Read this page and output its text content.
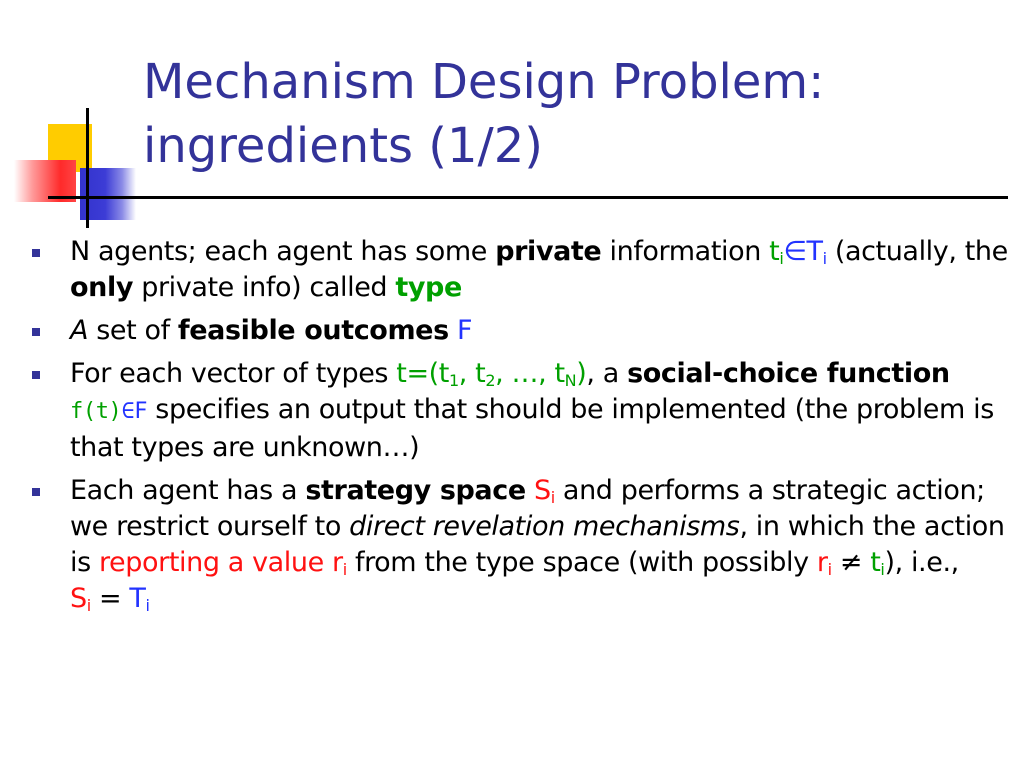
Mechanism Design Problem:
ingredients (1/2)
N agents; each agent has some private information $t_i\in T_i$ (actually, the only private info) called type
A set of feasible outcomes F
For each vector of types $t=(t_1$, $t_2$, …, $t_N$), a social-choice function f(t)∈F specifies an output that should be implemented (the problem is that types are unknown…)
Each agent has a strategy space $S_i$ and performs a strategic action; we restrict ourself to direct revelation mechanisms, in which the action is reporting a value $r_i$ from the type space (with possibly $r_i \ne t_i$), i.e., $S_i = T_i$
